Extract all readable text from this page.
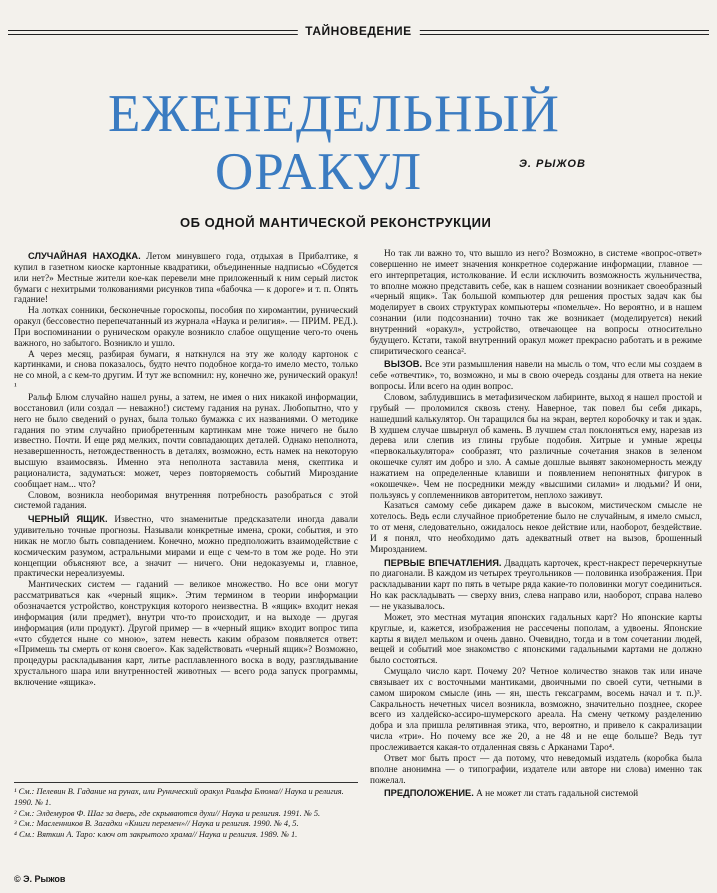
ТАЙНОВЕДЕНИЕ
ЕЖЕНЕДЕЛЬНЫЙ
ОРАКУЛ	Э. РЫЖОВ
ОБ ОДНОЙ МАНТИЧЕСКОЙ РЕКОНСТРУКЦИИ

СЛУЧАЙНАЯ НАХОДКА. Летом минувшего года, отдыхая в Прибалтике, я купил в газетном киоске картонные квадратики, объединенные надписью «Сбудется или нет?» Местные жители кое-как перевели мне приложенный к ним серый листок бумаги с нехитрыми толкованиями рисунков типа «бабочка — к дороге» и т. п. Опять гадание!

На лотках сонники, бесконечные гороскопы, пособия по хиромантии, рунический оракул (бессовестно перепечатанный из журнала «Наука и религия». — ПРИМ. РЕД.). При воспоминании о руническом оракуле возникло слабое ощущение чего-то очень важного, но забытого. Возникло и ушло.

А через месяц, разбирая бумаги, я наткнулся на эту же колоду картонок с картинками, и снова показалось, будто нечто подобное когда-то имело место, только не со мной, а с кем-то другим. И тут же вспомнил: ну, конечно же, рунический оракул!¹

Ральф Блюм случайно нашел руны, а затем, не имея о них никакой информации, восстановил (или создал — неважно!) систему гадания на рунах. Любопытно, что у него не было сведений о рунах, была только бумажка с их названиями. О методике гадания по этим случайно приобретенным картинкам мне тоже ничего не было известно. Почти. И еще ряд мелких, почти совпадающих деталей. Однако неполнота, незавершенность, нетождественность в деталях, возможно, есть намек на некоторую высшую взаимосвязь. Именно эта неполнота заставила меня, скептика и рационалиста, задуматься: может, через повторяемость событий Мироздание сообщает нам... что?

Словом, возникла необоримая внутренняя потребность разобраться с этой системой гадания.

ЧЕРНЫЙ ЯЩИК. Известно, что знаменитые предсказатели иногда давали удивительно точные прогнозы. Называли конкретные имена, сроки, события, и это никак не могло быть совпадением. Конечно, можно предположить взаимодействие с космическим разумом, астральными мирами и еще с чем-то в том же роде. Но эти концепции объясняют все, а значит — ничего. Они недоказуемы и, главное, практически нереализуемы.

Мантических систем — гаданий — великое множество. Но все они могут рассматриваться как «черный ящик». Этим термином в теории информации обозначается устройство, конструкция которого неизвестна. В «ящик» входит некая информация (или предмет), внутри что-то происходит, и на выходе — другая информация (или продукт). Другой пример — в «черный ящик» входит вопрос типа «что сбудется ныне со мною», затем невесть каким образом появляется ответ: «Примешь ты смерть от коня своего». Как задействовать «черный ящик»? Возможно, процедуры раскладывания карт, литье расплавленного воска в воду, разглядывание хрустального шара или внутренностей животных — всего рода запуск программы, включение «ящика».

Но так ли важно то, что вышло из него? Возможно, в системе «вопрос-ответ» совершенно не имеет значения конкретное содержание информации, главное — его интерпретация, истолкование. И если исключить возможность жульничества, то вполне можно представить себе, как в нашем сознании возникает своеобразный «черный ящик». Так большой компьютер для решения простых задач как бы моделирует в своих структурах компьютеры «помельче». Но вероятно, и в нашем сознании (или подсознании) точно так же возникает (моделируется) некий внутренний «оракул», устройство, отвечающее на вопросы относительно будущего. Кстати, такой внутренний оракул может прекрасно работать и в режиме спиритического сеанса².

ВЫЗОВ. Все эти размышления навели на мысль о том, что если мы создаем в себе «отвечтик», то, возможно, и мы в свою очередь созданы для ответа на некие вопросы. Или всего на один вопрос.

Словом, заблудившись в метафизическом лабиринте, выход я нашел простой и грубый — проломился сквозь стену. Наверное, так повел бы себя дикарь, нашедший калькулятор. Он таращился бы на экран, вертел коробочку и так и эдак. В худшем случае швырнул об камень. В лучшем стал поклоняться ему, нарезав из дерева или слепив из глины грубые подобия. Хитрые и умные жрецы «первокалькулятора» сообразят, что различные сочетания знаков в зеленом окошечке сулят им добро и зло. А самые дошлые выявят закономерность между нажатием на определенные клавиши и появлением непонятных фигурок в «окошечке». Чем не посредники между «высшими силами» и людьми? И они, пользуясь у соплеменников авторитетом, неплохо заживут.

Казаться самому себе дикарем даже в высоком, мистическом смысле не хотелось. Ведь если случайное приобретение было не случайным, я имело смысл, то от меня, следовательно, ожидалось некое действие или, наоборот, бездействие. И я понял, что необходимо дать адекватный ответ на вызов, брошенный Мирозданием.

ПЕРВЫЕ ВПЕЧАТЛЕНИЯ. Двадцать карточек, крест-накрест перечеркнутые по диагонали. В каждом из четырех треугольников — половинка изображения. При раскладывании карт по пять в четыре ряда какие-то половинки могут соединиться. Но как раскладывать — сверху вниз, слева направо или, наоборот, справа налево — не указывалось.

Может, это местная мутация японских гадальных карт? Но японские карты круглые, и, кажется, изображения не рассечены пополам, а удвоены. Японские карты я видел мельком и очень давно. Очевидно, тогда и в том сочетании людей, вещей и событий мое знакомство с японскими гадальными картами не должно было состояться.

Смущало число карт. Почему 20? Четное количество знаков так или иначе связывает их с восточными мантиками, двоичными по своей сути, четными в самом широком смысле (инь — ян, шесть гексаграмм, восемь начал и т. п.)³. Сакральность нечетных чисел возникла, возможно, значительно позднее, скорее всего из халдейско-ассиро-шумерского ареала. На смену четкому разделению добра и зла пришла релятивная этика, что, вероятно, и привело к сакрализации числа «три». Но почему все же 20, а не 48 и не еще больше? Ведь тут прослеживается какая-то отдаленная связь с Арканами Таро⁴.

Ответ мог быть прост — да потому, что неведомый издатель (коробка была вполне анонимна — о типографии, издателе или авторе ни слова) именно так пожелал.

ПРЕДПОЛОЖЕНИЕ. А не может ли стать гадальной системой

¹ См.: Пелевин В. Гадание на рунах, или Рунический оракул Ральфа Блюма// Наука и религия. 1990. № 1.

² См.: Элдемуров Ф. Шаг за дверь, где скрываются духи// Наука и религия. 1991. № 5.

³ См.: Масленников В. Загадки «Книги перемен»// Наука и религия. 1990. № 4, 5.

⁴ См.: Вяткин А. Таро: ключ от закрытого храма// Наука и религия. 1989. № 1.

© Э. Рыжов
